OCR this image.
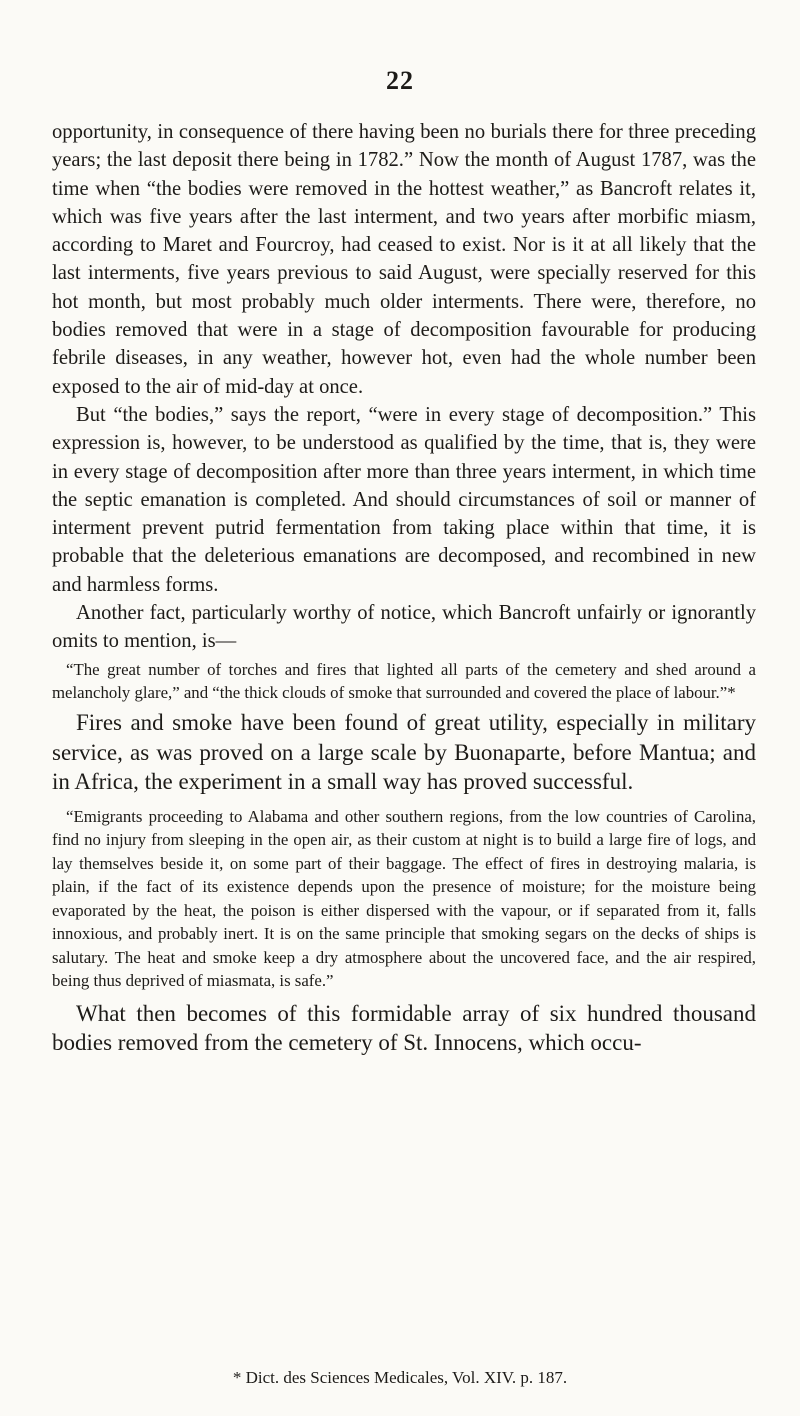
22

opportunity, in consequence of there having been no burials there for three preceding years; the last deposit there being in 1782.” Now the month of August 1787, was the time when “the bodies were removed in the hottest weather,” as Bancroft relates it, which was five years after the last interment, and two years after morbific miasm, according to Maret and Fourcroy, had ceased to exist. Nor is it at all likely that the last interments, five years previous to said August, were specially reserved for this hot month, but most probably much older interments. There were, therefore, no bodies removed that were in a stage of decomposition favourable for producing febrile diseases, in any weather, however hot, even had the whole number been exposed to the air of mid-day at once.

But “the bodies,” says the report, “were in every stage of decomposition.” This expression is, however, to be understood as qualified by the time, that is, they were in every stage of decomposition after more than three years interment, in which time the septic emanation is completed. And should circumstances of soil or manner of interment prevent putrid fermentation from taking place within that time, it is probable that the deleterious emanations are decomposed, and recombined in new and harmless forms.

Another fact, particularly worthy of notice, which Bancroft unfairly or ignorantly omits to mention, is—

“The great number of torches and fires that lighted all parts of the cemetery and shed around a melancholy glare,” and “the thick clouds of smoke that surrounded and covered the place of labour.”*

Fires and smoke have been found of great utility, especially in military service, as was proved on a large scale by Buonaparte, before Mantua; and in Africa, the experiment in a small way has proved successful.

“Emigrants proceeding to Alabama and other southern regions, from the low countries of Carolina, find no injury from sleeping in the open air, as their custom at night is to build a large fire of logs, and lay themselves beside it, on some part of their baggage. The effect of fires in destroying malaria, is plain, if the fact of its existence depends upon the presence of moisture; for the moisture being evaporated by the heat, the poison is either dispersed with the vapour, or if separated from it, falls innoxious, and probably inert. It is on the same principle that smoking segars on the decks of ships is salutary. The heat and smoke keep a dry atmosphere about the uncovered face, and the air respired, being thus deprived of miasmata, is safe.”

What then becomes of this formidable array of six hundred thousand bodies removed from the cemetery of St. Innocens, which occu-

* Dict. des Sciences Medicales, Vol. XIV. p. 187.
